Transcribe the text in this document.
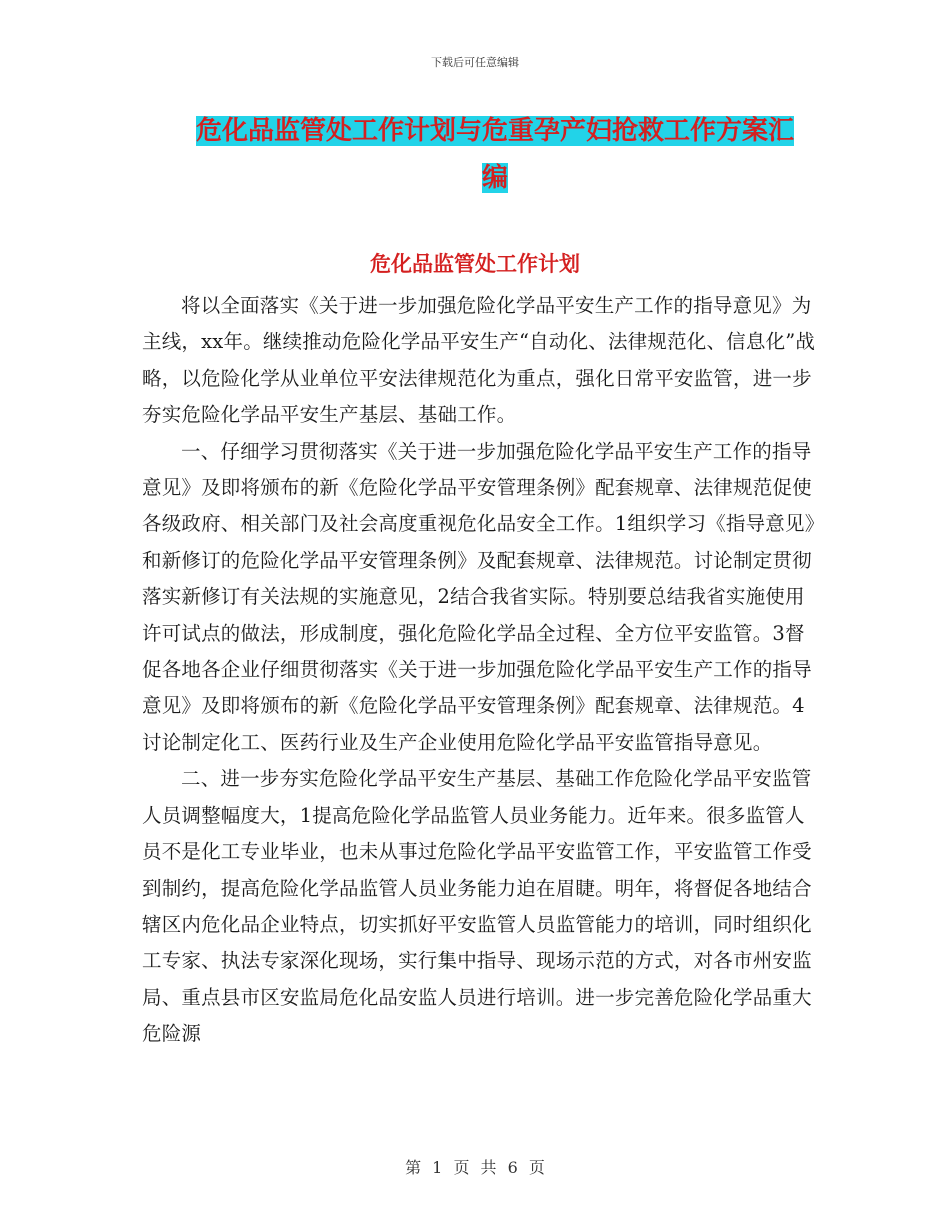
下载后可任意编辑
危化品监管处工作计划与危重孕产妇抢救工作方案汇
编
危化品监管处工作计划

将以全面落实《关于进一步加强危险化学品平安生产工作的指导意见》为主线，xx年。继续推动危险化学品平安生产“自动化、法律规范化、信息化”战略，以危险化学从业单位平安法律规范化为重点，强化日常平安监管，进一步夯实危险化学品平安生产基层、基础工作。

一、仔细学习贯彻落实《关于进一步加强危险化学品平安生产工作的指导意见》及即将颁布的新《危险化学品平安管理条例》配套规章、法律规范促使各级政府、相关部门及社会高度重视危化品安全工作。1组织学习《指导意见》和新修订的危险化学品平安管理条例》及配套规章、法律规范。讨论制定贯彻落实新修订有关法规的实施意见，2结合我省实际。特别要总结我省实施使用许可试点的做法，形成制度，强化危险化学品全过程、全方位平安监管。3督促各地各企业仔细贯彻落实《关于进一步加强危险化学品平安生产工作的指导意见》及即将颁布的新《危险化学品平安管理条例》配套规章、法律规范。4讨论制定化工、医药行业及生产企业使用危险化学品平安监管指导意见。

二、进一步夯实危险化学品平安生产基层、基础工作危险化学品平安监管人员调整幅度大，1提高危险化学品监管人员业务能力。近年来。很多监管人员不是化工专业毕业，也未从事过危险化学品平安监管工作，平安监管工作受到制约，提高危险化学品监管人员业务能力迫在眉睫。明年，将督促各地结合辖区内危化品企业特点，切实抓好平安监管人员监管能力的培训，同时组织化工专家、执法专家深化现场，实行集中指导、现场示范的方式，对各市州安监局、重点县市区安监局危化品安监人员进行培训。进一步完善危险化学品重大危险源

第 1 页 共 6 页
